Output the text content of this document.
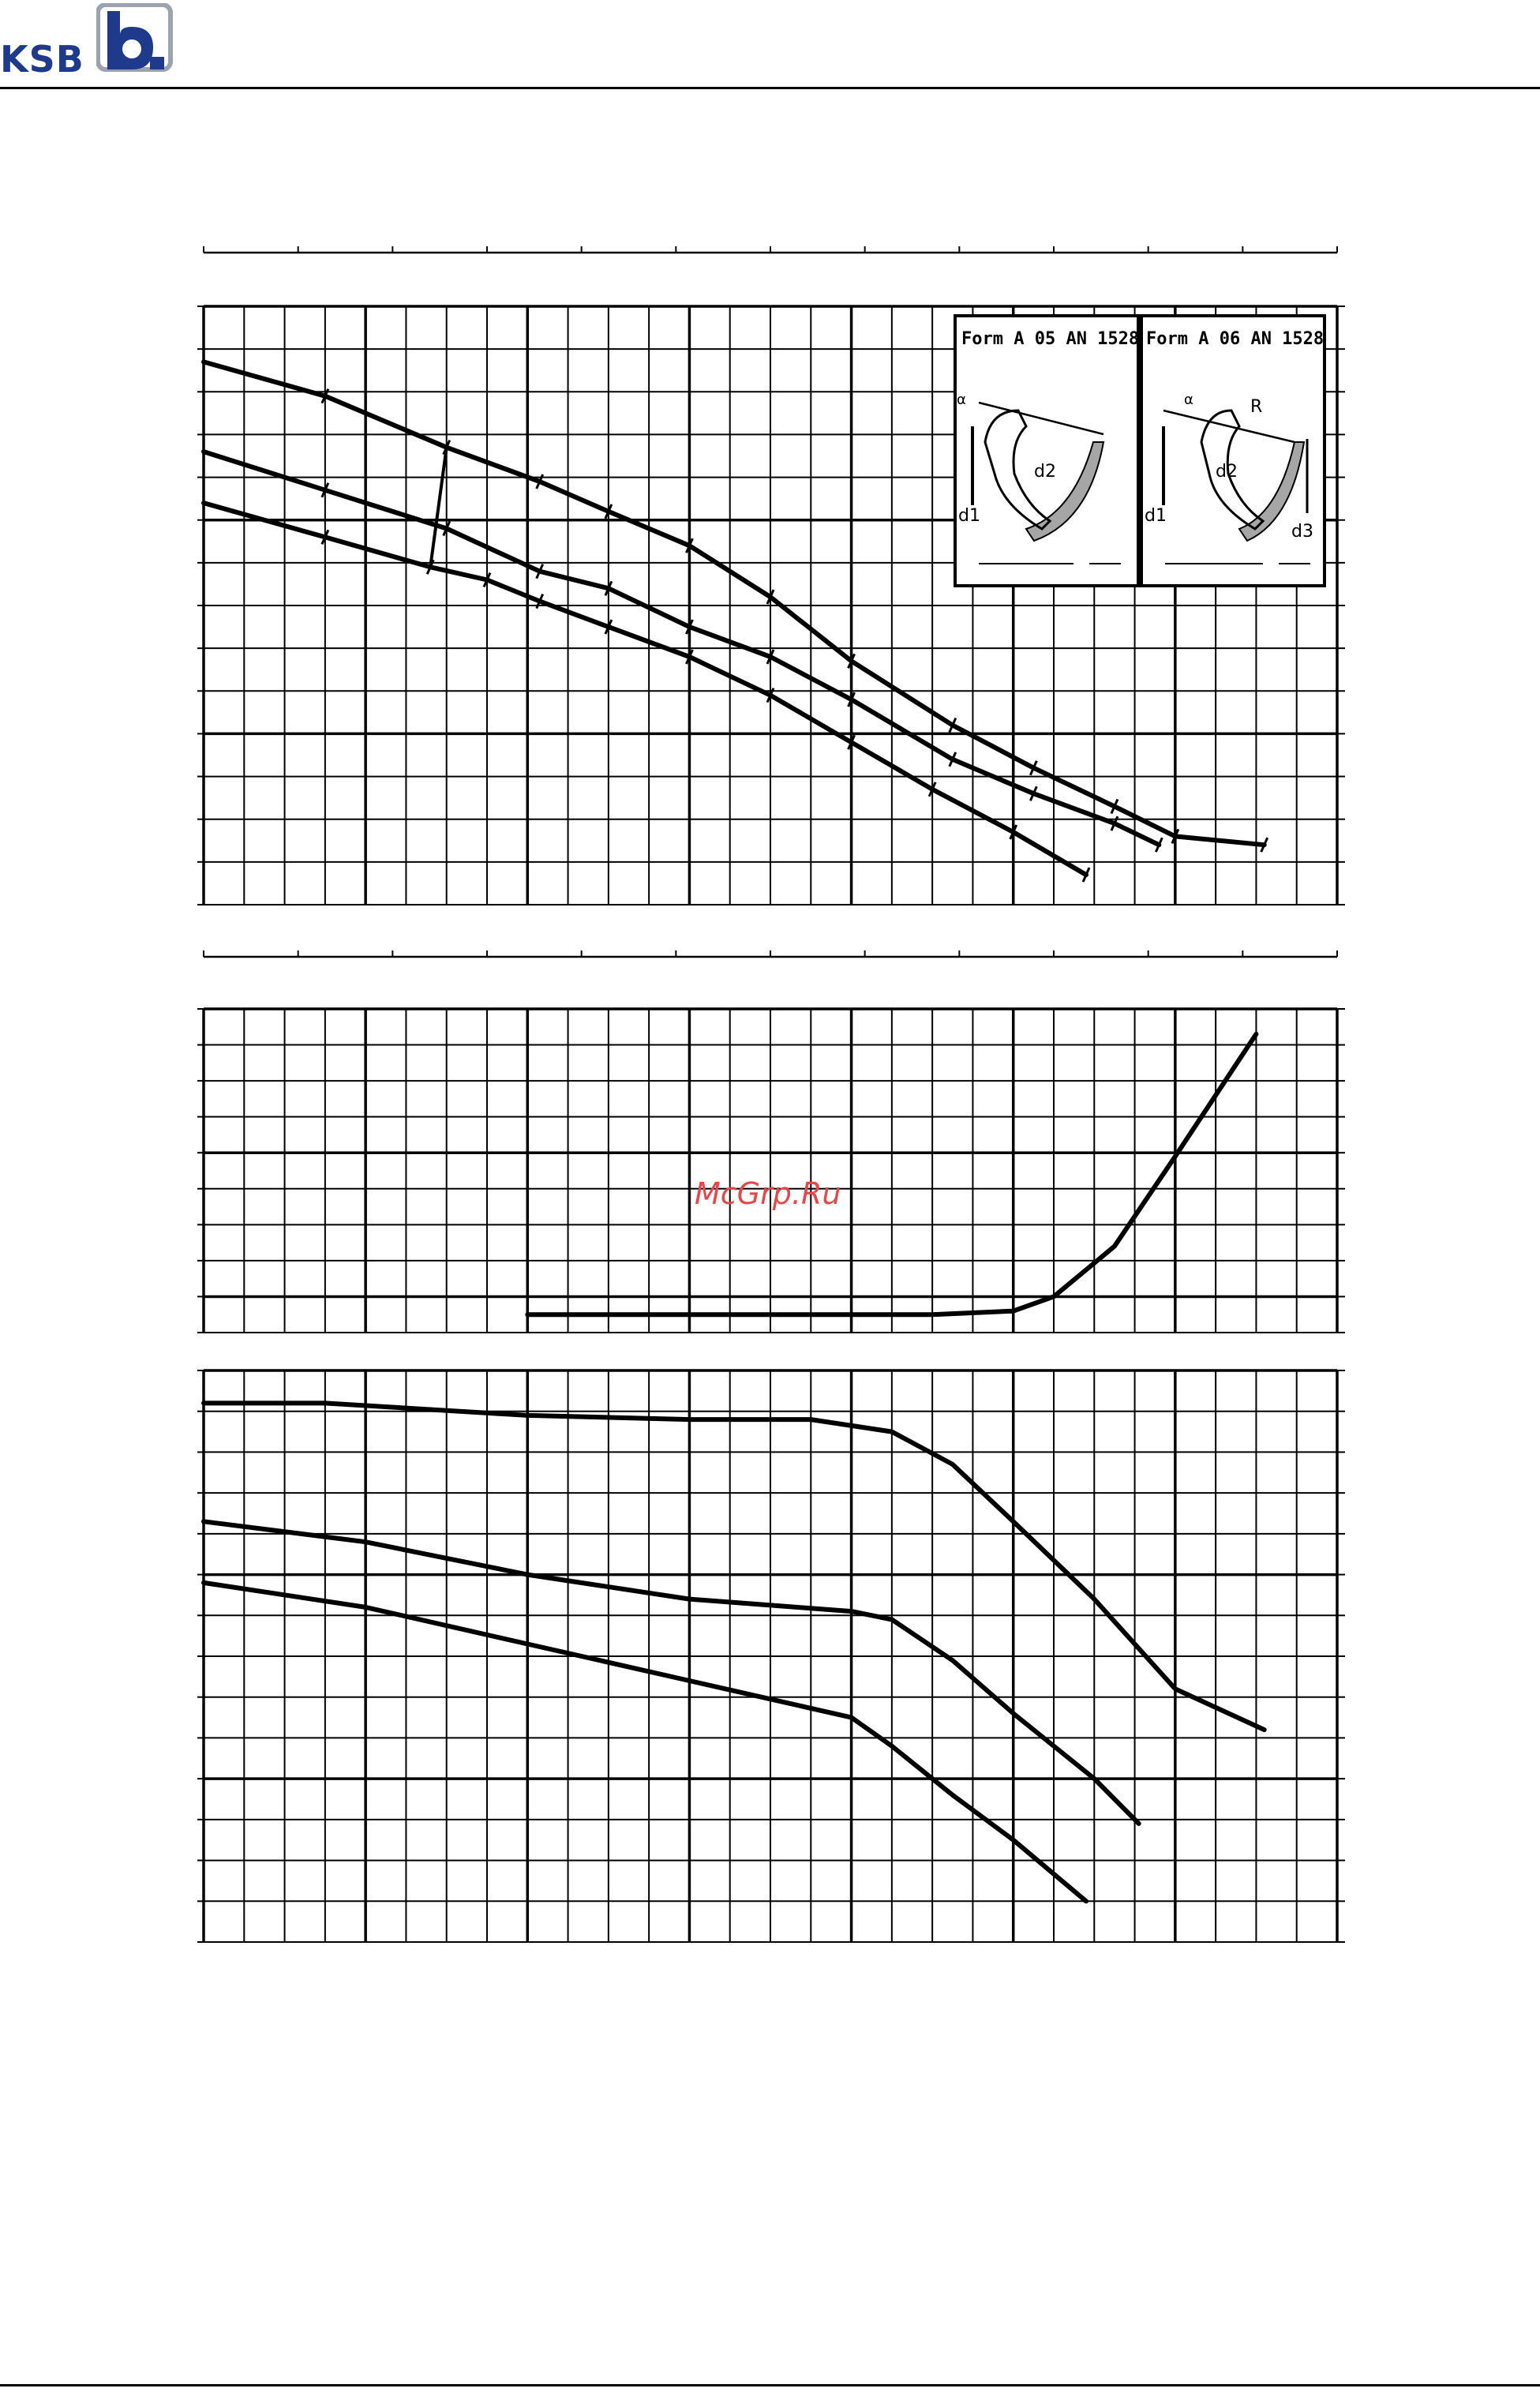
KSB
Form A 05 AN 1528
α
d1
d2
Form A 06 AN 1528
α	R
d1
d2
d3
McGrp.Ru
